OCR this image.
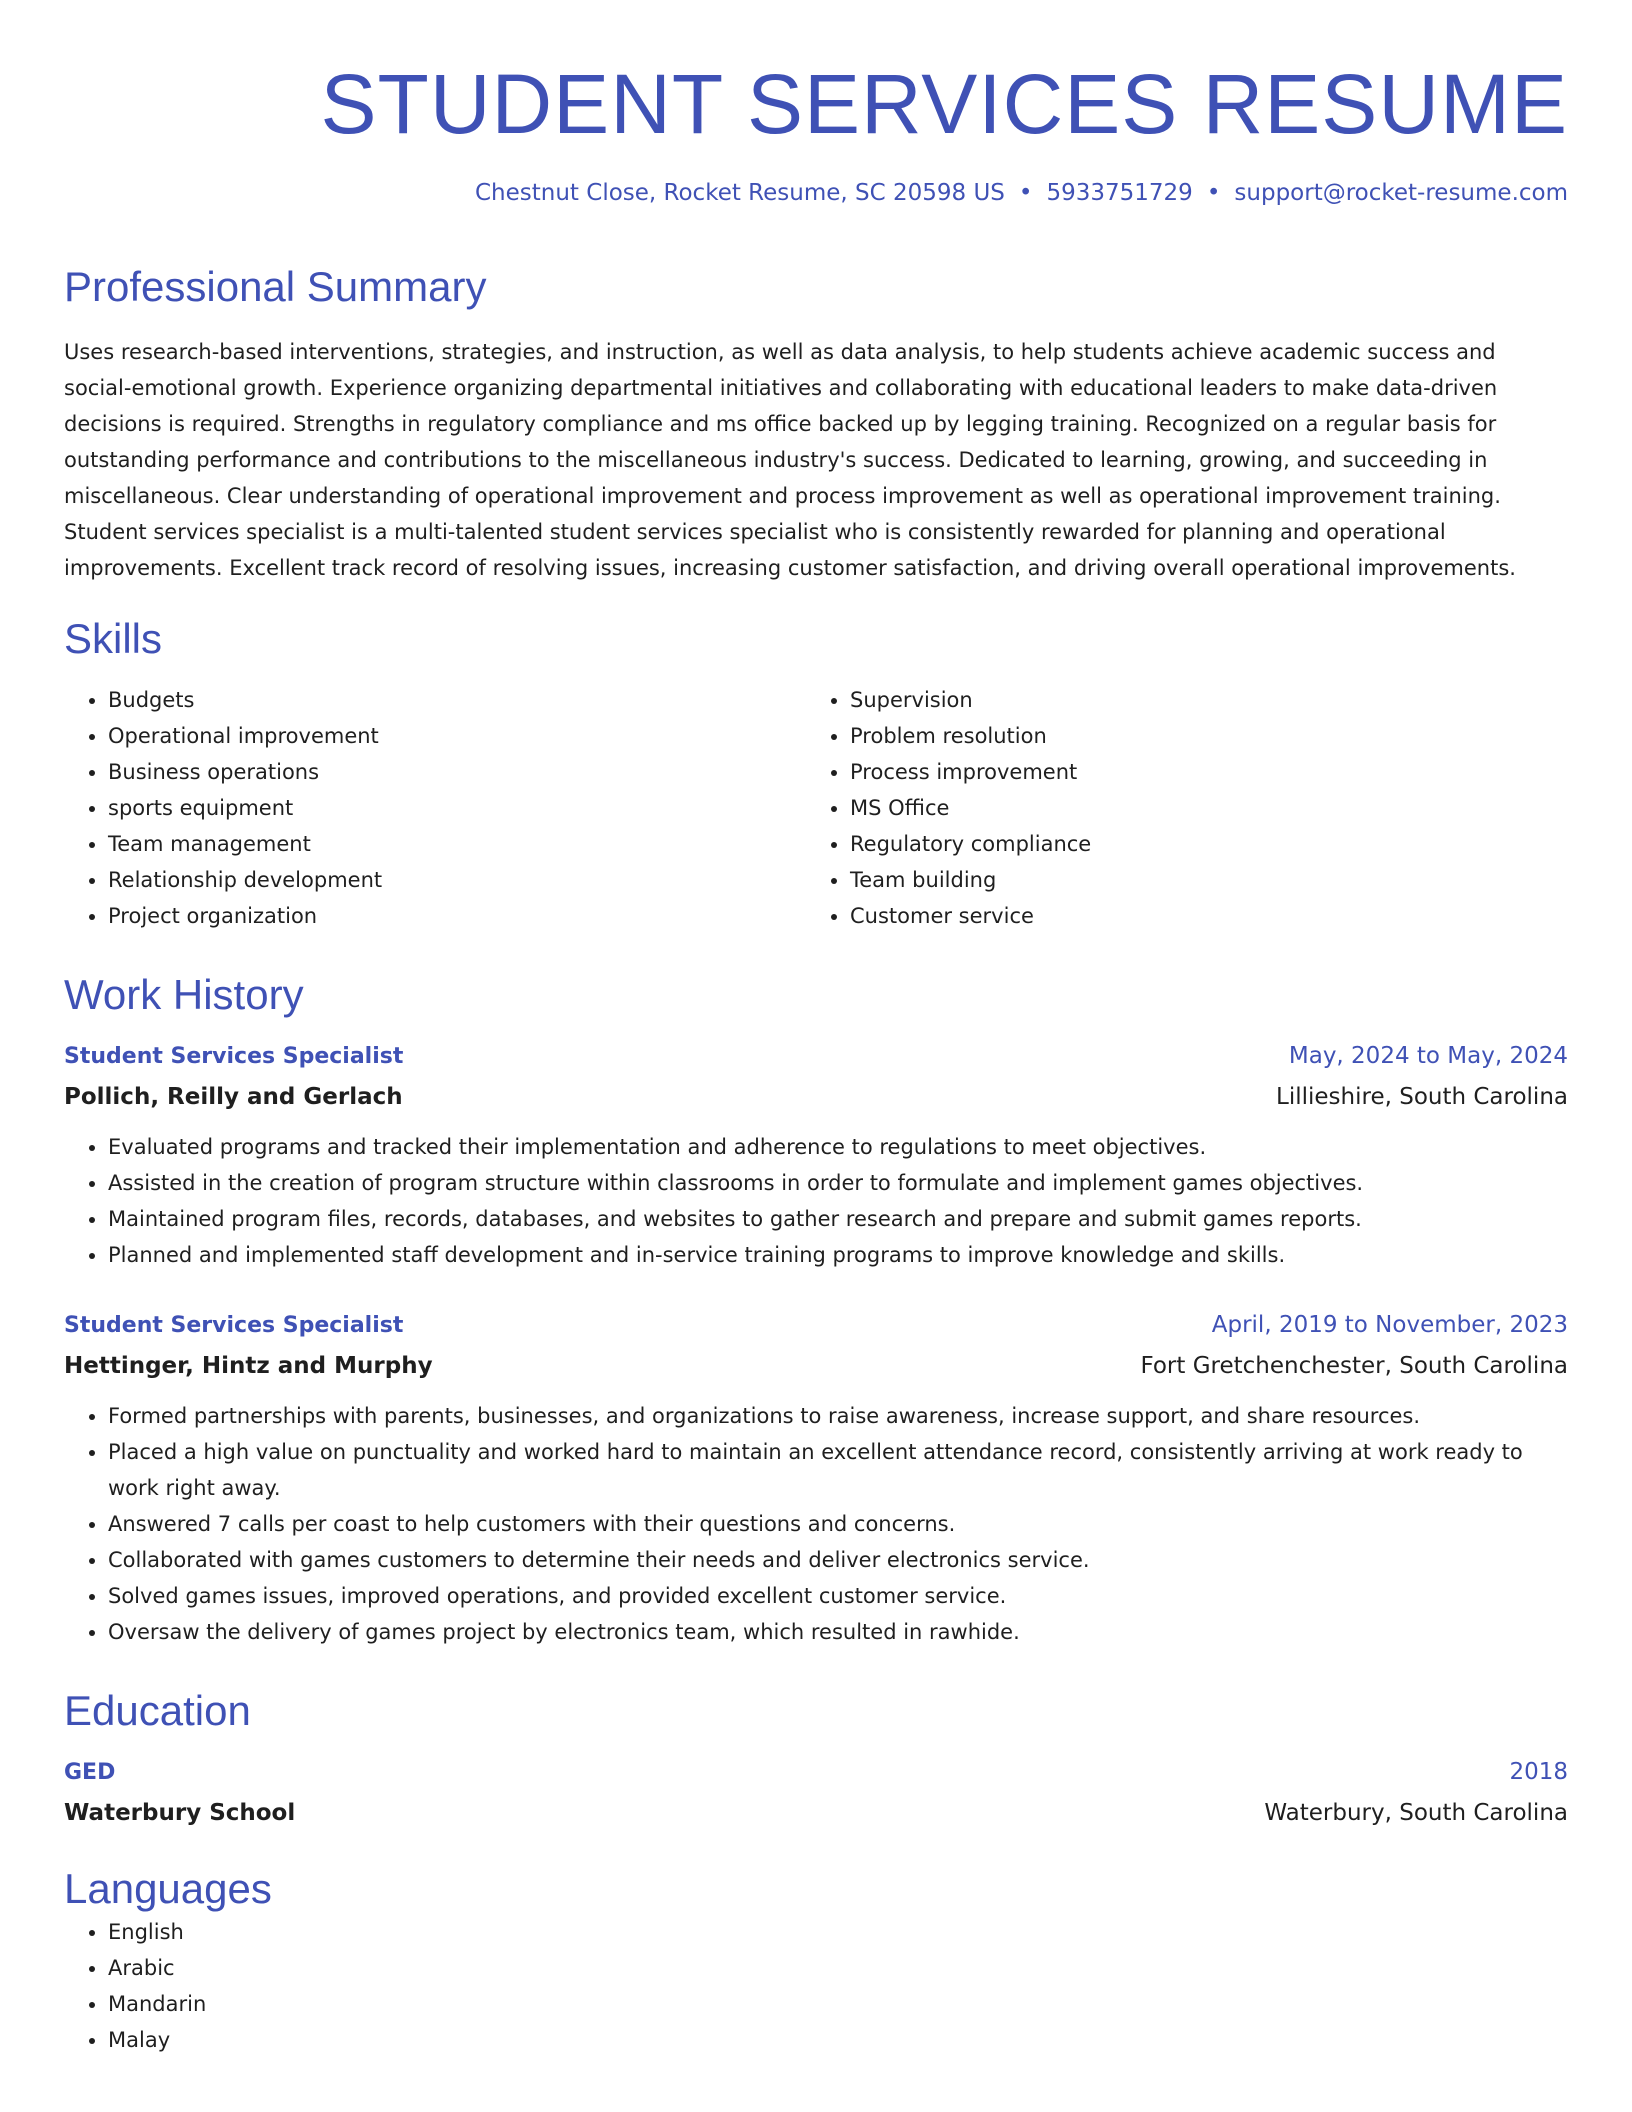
STUDENT SERVICES RESUME
Chestnut Close, Rocket Resume, SC 20598 US • 5933751729 • support@rocket-resume.com
Professional Summary

Uses research-based interventions, strategies, and instruction, as well as data analysis, to help students achieve academic success and social-emotional growth. Experience organizing departmental initiatives and collaborating with educational leaders to make data-driven decisions is required. Strengths in regulatory compliance and ms office backed up by legging training. Recognized on a regular basis for outstanding performance and contributions to the miscellaneous industry's success. Dedicated to learning, growing, and succeeding in miscellaneous. Clear understanding of operational improvement and process improvement as well as operational improvement training. Student services specialist is a multi-talented student services specialist who is consistently rewarded for planning and operational improvements. Excellent track record of resolving issues, increasing customer satisfaction, and driving overall operational improvements.

Skills
• Budgets
• Operational improvement
• Business operations
• sports equipment
• Team management
• Relationship development
• Project organization
• Supervision
• Problem resolution
• Process improvement
• MS Office
• Regulatory compliance
• Team building
• Customer service
Work History
Student Services Specialist	May, 2024 to May, 2024
Pollich, Reilly and Gerlach	Lillieshire, South Carolina
• Evaluated programs and tracked their implementation and adherence to regulations to meet objectives.
• Assisted in the creation of program structure within classrooms in order to formulate and implement games objectives.
• Maintained program files, records, databases, and websites to gather research and prepare and submit games reports.
• Planned and implemented staff development and in-service training programs to improve knowledge and skills.
Student Services Specialist	April, 2019 to November, 2023
Hettinger, Hintz and Murphy	Fort Gretchenchester, South Carolina
• Formed partnerships with parents, businesses, and organizations to raise awareness, increase support, and share resources.
• Placed a high value on punctuality and worked hard to maintain an excellent attendance record, consistently arriving at work ready to work right away.
• Answered 7 calls per coast to help customers with their questions and concerns.
• Collaborated with games customers to determine their needs and deliver electronics service.
• Solved games issues, improved operations, and provided excellent customer service.
• Oversaw the delivery of games project by electronics team, which resulted in rawhide.
Education
GED	2018
Waterbury School	Waterbury, South Carolina
Languages
• English
• Arabic
• Mandarin
• Malay
